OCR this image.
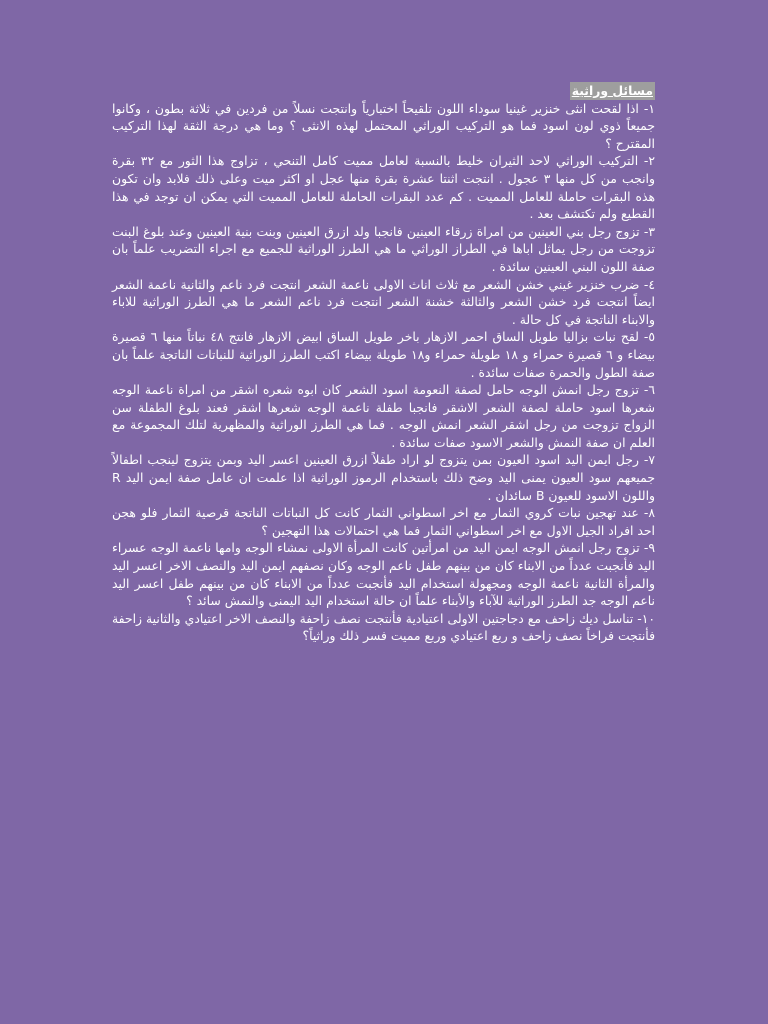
مسائل وراثية

١- اذا لقحت انثى خنزير غينيا سوداء اللون تلقيحاً اختبارياً وانتجت نسلاً من فردين في ثلاثة بطون ، وكانوا جميعاً ذوي لون اسود فما هو التركيب الوراثي المحتمل لهذه الانثى ؟ وما هي درجة الثقة لهذا التركيب المقترح ؟

٢- التركيب الوراثي لاحد الثيران خليط بالنسبة لعامل مميت كامل التنحي ، تزاوج هذا الثور مع ٣٢ بقرة وانجب من كل منها ٣ عجول . انتجت اثنتا عشرة بقرة منها عجل او اكثر ميت وعلى ذلك فلابد وان تكون هذه البقرات حاملة للعامل المميت . كم عدد البقرات الحاملة للعامل المميت التي يمكن ان توجد في هذا القطيع ولم تكتشف بعد .

٣- تزوج رجل بني العينين من امراة زرقاء العينين فانجبا ولد ازرق العينين وبنت بنية العينين وعند بلوغ البنت تزوجت من رجل يماثل اباها في الطراز الوراثي ما هي الطرز الوراثية للجميع مع اجراء التضريب علماً بان صفة اللون البني العينين سائدة .

٤- ضرب خنزير غيني خشن الشعر مع ثلاث اناث الاولى ناعمة الشعر انتجت فرد ناعم والثانية ناعمة الشعر ايضاً انتجت فرد خشن الشعر والثالثة خشنة الشعر انتجت فرد ناعم الشعر ما هي الطرز الوراثية للاباء والابناء الناتجة في كل حالة .

٥- لقح نبات بزاليا طويل الساق احمر الازهار باخر طويل الساق ابيض الازهار فانتج ٤٨ نباتاً منها ٦ قصيرة بيضاء و ٦ قصيرة حمراء و ١٨ طويلة حمراء و١٨ طويلة بيضاء اكتب الطرز الوراثية للنباتات الناتجة علماً بان صفة الطول والحمرة صفات سائدة .

٦- تزوج رجل انمش الوجه حامل لصفة النعومة اسود الشعر كان ابوه شعره اشقر من امراة ناعمة الوجه شعرها اسود حاملة لصفة الشعر الاشقر فانجبا طفلة ناعمة الوجه شعرها اشقر فعند بلوغ الطفلة سن الزواج تزوجت من رجل اشقر الشعر انمش الوجه . فما هي الطرز الوراثية والمظهرية لتلك المجموعة مع العلم ان صفة النمش والشعر الاسود صفات سائدة .

٧- رجل ايمن اليد اسود العيون بمن يتزوج لو اراد طفلاً ازرق العينين اعسر اليد وبمن يتزوج لينجب اطفالاً جميعهم سود العيون يمنى اليد وضح ذلك باستخدام الرموز الوراثية اذا علمت ان عامل صفة ايمن اليد R واللون الاسود للعيون B سائدان .

٨- عند تهجين نبات كروي الثمار مع اخر اسطواني الثمار كانت كل النباتات الناتجة قرصية الثمار فلو هجن احد افراد الجيل الاول مع اخر اسطواني الثمار فما هي احتمالات هذا التهجين ؟

٩- تزوج رجل انمش الوجه ايمن اليد من امرأتين كانت المرأة الاولى نمشاء الوجه وامها ناعمة الوجه عسراء اليد فأنجبت عدداً من الابناء كان من بينهم طفل ناعم الوجه وكان نصفهم ايمن اليد والنصف الاخر اعسر اليد والمرأة الثانية ناعمة الوجه ومجهولة استخدام اليد فأنجبت عدداً من الابناء كان من بينهم طفل اعسر اليد ناعم الوجه جد الطرز الوراثية للآباء والأبناء علماً ان حالة استخدام اليد اليمنى والنمش سائد ؟

١٠- تناسل ديك زاحف مع دجاجتين الاولى اعتيادية فأنتجت نصف زاحفة والنصف الاخر اعتيادي والثانية زاحفة فأنتجت فراخاً نصف زاحف و ربع اعتيادي وربع مميت فسر ذلك وراثياً؟
